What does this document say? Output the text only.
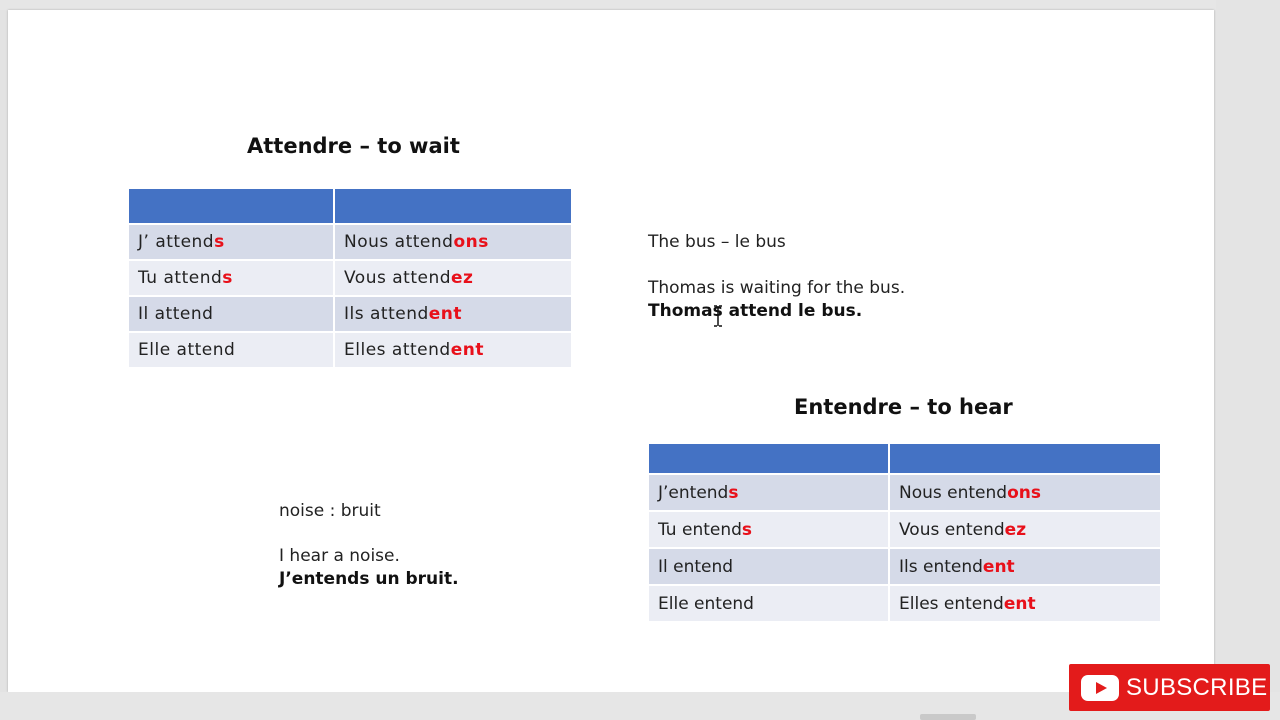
Attendre – to wait

J’ attends	Nous attendons
Tu attends	Vous attendez
Il attend	Ils attendent
Elle attend	Elles attendent
The bus – le bus
Thomas is waiting for the bus.
Thomas attend le bus.
Entendre – to hear

J’entends	Nous entendons
Tu entends	Vous entendez
Il entend	Ils entendent
Elle entend	Elles entendent
noise : bruit
I hear a noise.
J’entends un bruit.
SUBSCRIBE
